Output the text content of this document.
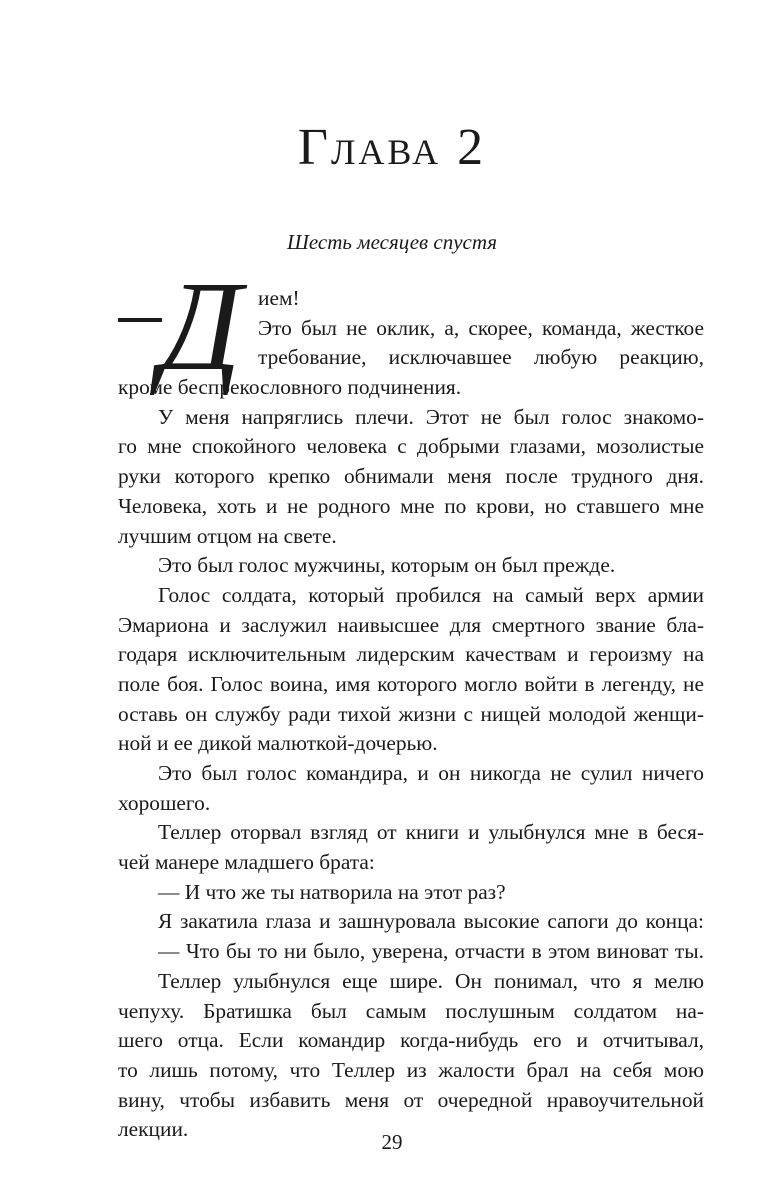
Глава 2
Шесть месяцев спустя
Д ием!
Это был не оклик, а, скорее, команда, жесткое
требование, исключавшее любую реакцию,
кроме беспрекословного подчинения.
У меня напряглись плечи. Этот не был голос знакомо-
го мне спокойного человека с добрыми глазами, мозолистые
руки которого крепко обнимали меня после трудного дня.
Человека, хоть и не родного мне по крови, но ставшего мне
лучшим отцом на свете.
Это был голос мужчины, которым он был прежде.
Голос солдата, который пробился на самый верх армии
Эмариона и заслужил наивысшее для смертного звание бла-
годаря исключительным лидерским качествам и героизму на
поле боя. Голос воина, имя которого могло войти в легенду, не
оставь он службу ради тихой жизни с нищей молодой женщи-
ной и ее дикой малюткой-дочерью.
Это был голос командира, и он никогда не сулил ничего
хорошего.
Теллер оторвал взгляд от книги и улыбнулся мне в беся-
чей манере младшего брата:
— И что же ты натворила на этот раз?
Я закатила глаза и зашнуровала высокие сапоги до конца:
— Что бы то ни было, уверена, отчасти в этом виноват ты.
Теллер улыбнулся еще шире. Он понимал, что я мелю
чепуху. Братишка был самым послушным солдатом на-
шего отца. Если командир когда-нибудь его и отчитывал,
то лишь потому, что Теллер из жалости брал на себя мою
вину, чтобы избавить меня от очередной нравоучительной
лекции.
29
